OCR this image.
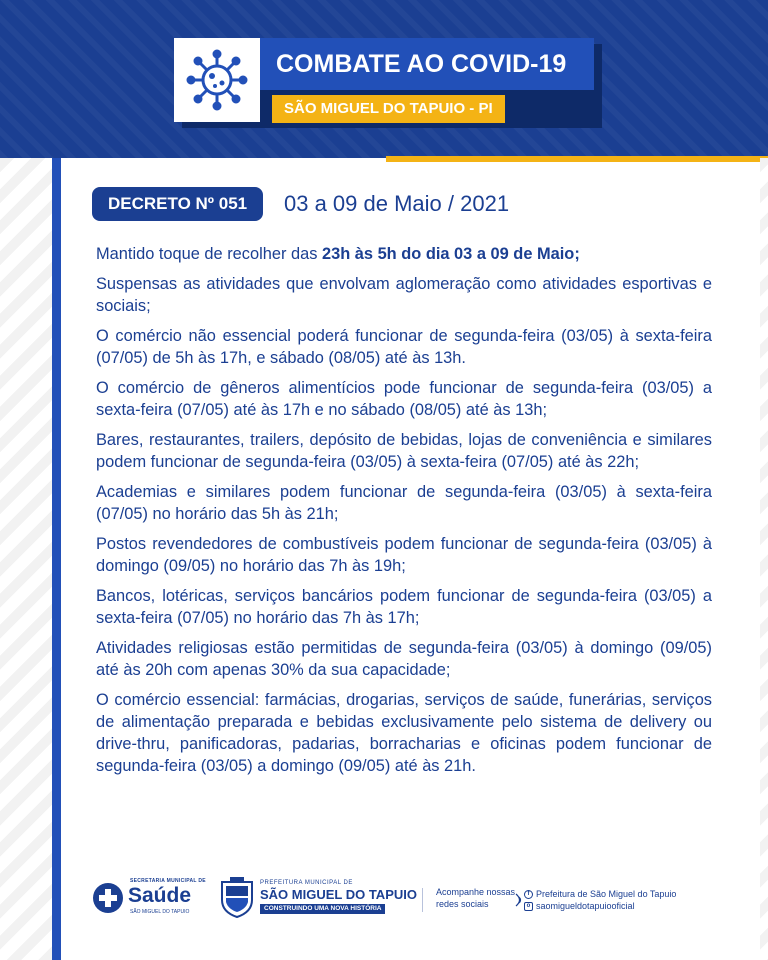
COMBATE AO COVID-19
SÃO MIGUEL DO TAPUIO - PI
DECRETO Nº 051	03 a 09 de Maio / 2021

Mantido toque de recolher das 23h às 5h do dia 03 a 09 de Maio;

Suspensas as atividades que envolvam aglomeração como atividades esportivas e sociais;

O comércio não essencial poderá funcionar de segunda-feira (03/05) à sexta-feira (07/05) de 5h às 17h, e sábado (08/05) até às 13h.

O comércio de gêneros alimentícios pode funcionar de segunda-feira (03/05) a sexta-feira (07/05) até às 17h e no sábado (08/05) até às 13h;

Bares, restaurantes, trailers, depósito de bebidas, lojas de conveniência e similares podem funcionar de segunda-feira (03/05) à sexta-feira (07/05) até às 22h;

Academias e similares podem funcionar de segunda-feira (03/05) à sexta-feira (07/05) no horário das 5h às 21h;

Postos revendedores de combustíveis podem funcionar de segunda-feira (03/05) à domingo (09/05) no horário das 7h às 19h;

Bancos, lotéricas, serviços bancários podem funcionar de segunda-feira (03/05) a sexta-feira (07/05) no horário das 7h às 17h;

Atividades religiosas estão permitidas de segunda-feira (03/05) à domingo (09/05) até às 20h com apenas 30% da sua capacidade;

O comércio essencial: farmácias, drogarias, serviços de saúde, funerárias, serviços de alimentação preparada e bebidas exclusivamente pelo sistema de delivery ou drive-thru, panificadoras, padarias, borracharias e oficinas podem funcionar de segunda-feira (03/05) a domingo (09/05) até às 21h.

SECRETARIA MUNICIPAL DE
Saúde
SÃO MIGUEL DO TAPUIO
PREFEITURA MUNICIPAL DE
SÃO MIGUEL DO TAPUIO
CONSTRUINDO UMA NOVA HISTÓRIA
Acompanhe nossas redes sociais
f Prefeitura de São Miguel do Tapuio
o saomigueldotapuiooficial
